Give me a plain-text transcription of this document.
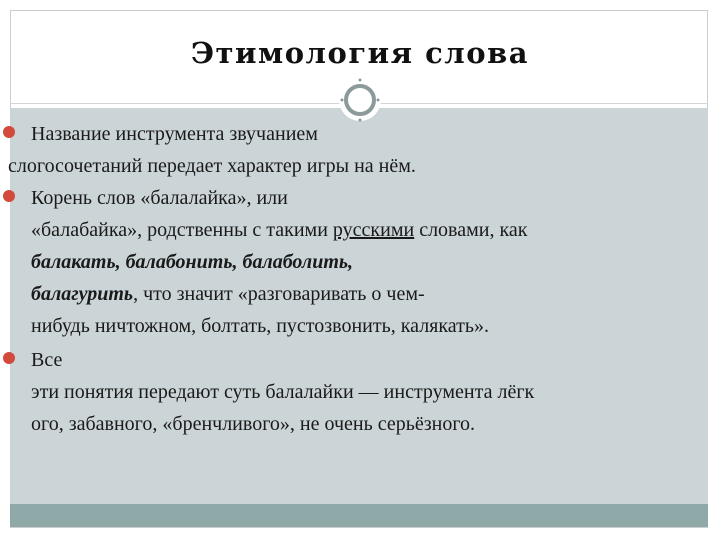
Этимология слова
Название инструмента звучанием
слогосочетаний передает характер игры на нём.
Корень слов «балалайка», или
«балабайка», родственны с такими русскими словами, как
балакать, балабонить, балаболить,
балагурить, что значит «разговаривать о чем-
нибудь ничтожном, болтать, пустозвонить, калякать».
Все
эти понятия передают суть балалайки — инструмента лёгк
ого, забавного, «бренчливого», не очень серьёзного.
